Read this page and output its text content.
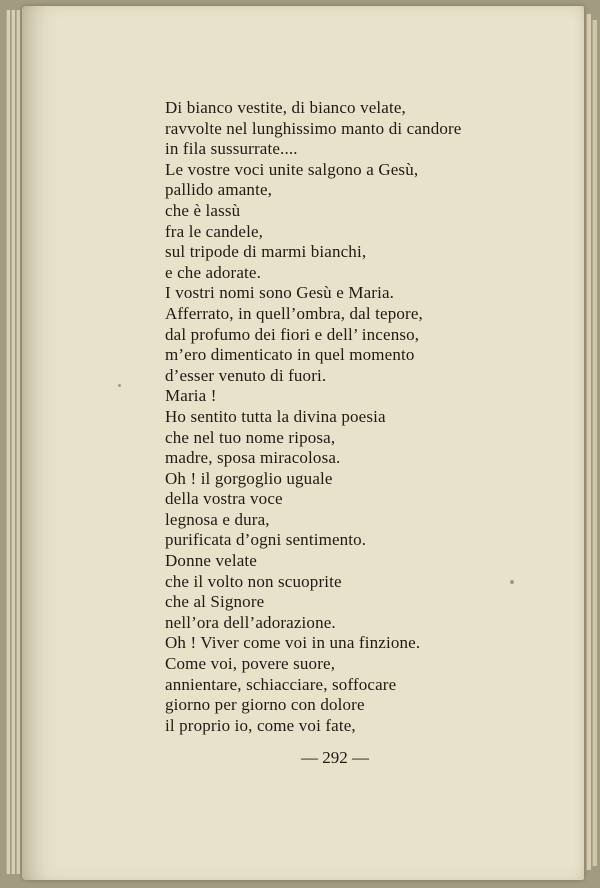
Di bianco vestite, di bianco velate,
ravvolte nel lunghissimo manto di candore
in fila sussurrate....
Le vostre voci unite salgono a Gesù,
pallido amante,
che è lassù
fra le candele,
sul tripode di marmi bianchi,
e che adorate.
I vostri nomi sono Gesù e Maria.
Afferrato, in quell’ombra, dal tepore,
dal profumo dei fiori e dell’ incenso,
m’ero dimenticato in quel momento
d’esser venuto di fuori.
Maria !
Ho sentito tutta la divina poesia
che nel tuo nome riposa,
madre, sposa miracolosa.
Oh ! il gorgoglio uguale
della vostra voce
legnosa e dura,
purificata d’ogni sentimento.
Donne velate
che il volto non scuoprite
che al Signore
nell’ora dell’adorazione.
Oh ! Viver come voi in una finzione.
Come voi, povere suore,
annientare, schiacciare, soffocare
giorno per giorno con dolore
il proprio io, come voi fate,
— 292 —
